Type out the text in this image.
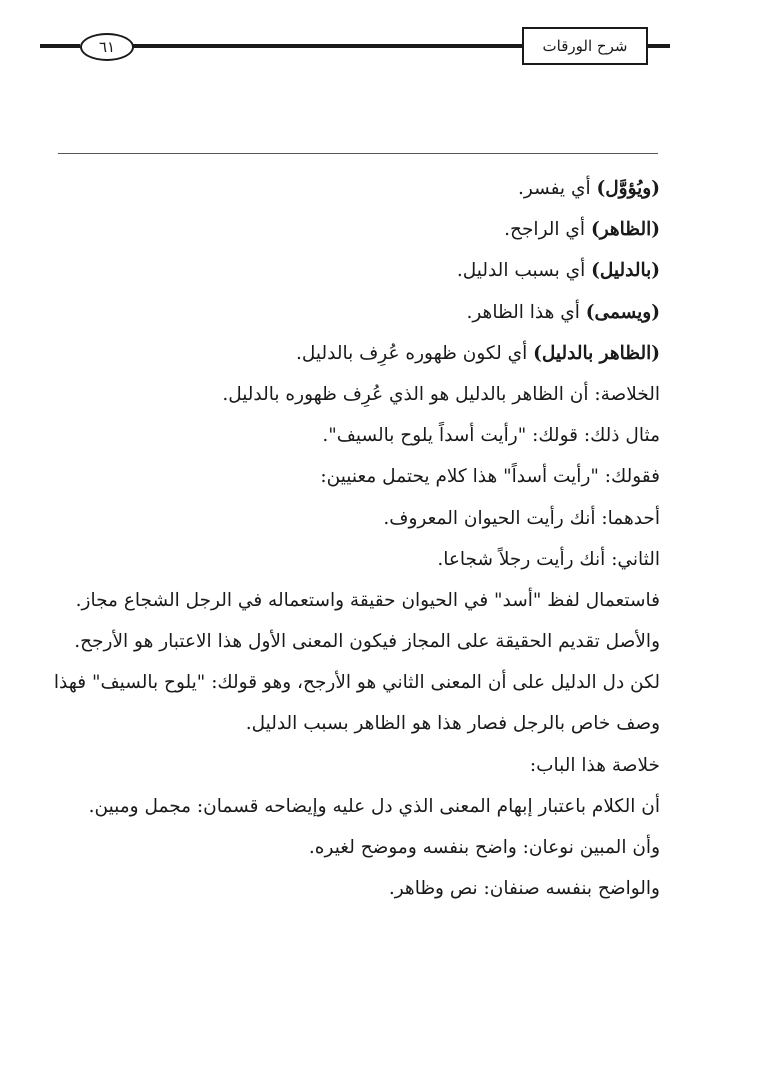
٦١	شرح الورقات

(ويُؤوَّل) أي يفسر.

(الظاهر) أي الراجح.

(بالدليل) أي بسبب الدليل.

(ويسمى) أي هذا الظاهر.

(الظاهر بالدليل) أي لكون ظهوره عُرِف بالدليل.

الخلاصة: أن الظاهر بالدليل هو الذي عُرِف ظهوره بالدليل.

مثال ذلك: قولك: "رأيت أسداً يلوح بالسيف".

فقولك: "رأيت أسداً" هذا كلام يحتمل معنيين:

أحدهما: أنك رأيت الحيوان المعروف.

الثاني: أنك رأيت رجلاً شجاعا.

فاستعمال لفظ "أسد" في الحيوان حقيقة واستعماله في الرجل الشجاع مجاز.

والأصل تقديم الحقيقة على المجاز فيكون المعنى الأول هذا الاعتبار هو الأرجح.

لكن دل الدليل على أن المعنى الثاني هو الأرجح، وهو قولك: "يلوح بالسيف" فهذا

وصف خاص بالرجل فصار هذا هو الظاهر بسبب الدليل.

خلاصة هذا الباب:

أن الكلام باعتبار إبهام المعنى الذي دل عليه وإيضاحه قسمان: مجمل ومبين.

وأن المبين نوعان: واضح بنفسه وموضح لغيره.

والواضح بنفسه صنفان: نص وظاهر.
